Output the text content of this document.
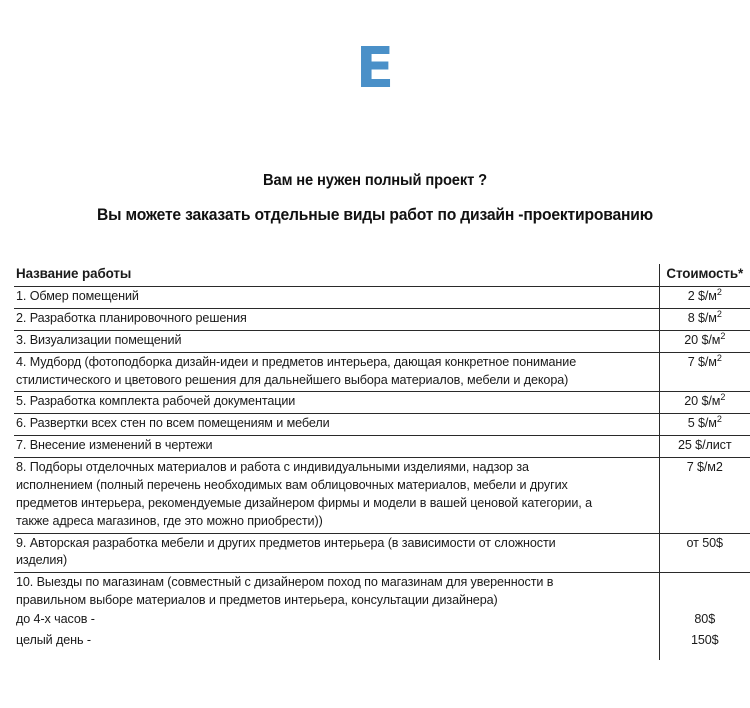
E

Вам не нужен полный проект ?

Вы можете заказать отдельные виды работ по дизайн -проектированию

Название работы	Стоимость*

1. Обмер помещений	2 $\$/м^2$

2. Разработка планировочного решения	8 $\$/м^2$

3. Визуализации помещений	20 $\$/м^2$

4. Мудборд (фотоподборка дизайн-идеи и предметов интерьера, дающая конкретное понимание
стилистического и цветового решения для дальнейшего выбора материалов, мебели и декора)	7 $\$/м^2$

5. Разработка комплекта рабочей документации	20 $\$/м^2$

6. Развертки всех стен по всем помещениям и мебели	5 $\$/м^2$

7. Внесение изменений в чертежи	25 $/лист

8. Подборы отделочных материалов и работа с индивидуальными изделиями, надзор за
исполнением (полный перечень необходимых вам облицовочных материалов, мебели и других
предметов интерьера, рекомендуемые дизайнером фирмы и модели в вашей ценовой категории, а
также адреса магазинов, где это можно приобрести))	7 $/м2

9. Авторская разработка мебели и других предметов интерьера (в зависимости от сложности
изделия)	от 50$

10. Выезды по магазинам (совместный с дизайнером поход по магазинам для уверенности в
правильном выборе материалов и предметов интерьера, консультации дизайнера)	

до 4-х часов -	80$
целый день -	150$
